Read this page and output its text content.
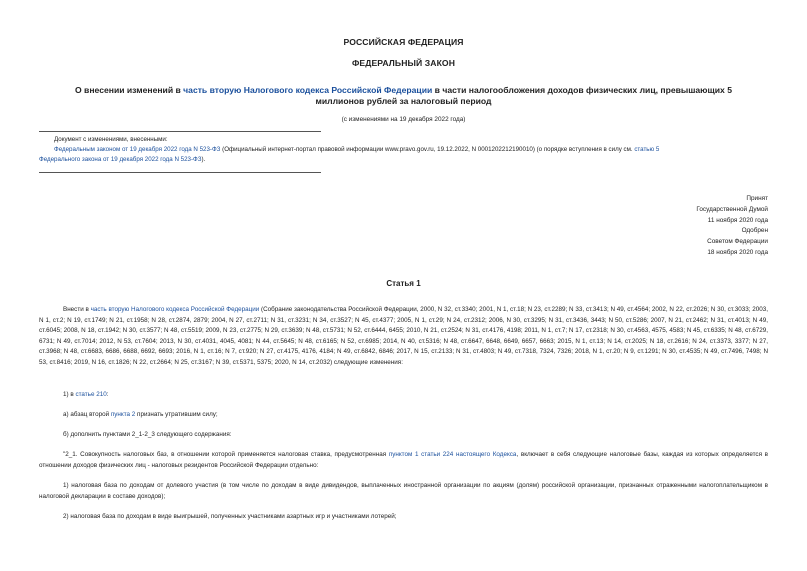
РОССИЙСКАЯ ФЕДЕРАЦИЯ
ФЕДЕРАЛЬНЫЙ ЗАКОН
О внесении изменений в часть вторую Налогового кодекса Российской Федерации в части налогообложения доходов физических лиц, превышающих 5
миллионов рублей за налоговый период
(с изменениями на 19 декабря 2022 года)
Документ с изменениями, внесенными:
Федеральным законом от 19 декабря 2022 года N 523-ФЗ (Официальный интернет-портал правовой информации www.pravo.gov.ru, 19.12.2022, N 0001202212190010) (о порядке вступления в силу см. статью 5
Федерального закона от 19 декабря 2022 года N 523-ФЗ).
Принят
Государственной Думой
11 ноября 2020 года
Одобрен
Советом Федерации
18 ноября 2020 года
Статья 1
Внести в часть вторую Налогового кодекса Российской Федерации (Собрание законодательства Российской Федерации, 2000, N 32, ст.3340; 2001, N 1, ст.18; N 23, ст.2289; N 33, ст.3413; N 49, ст.4564; 2002, N 22, ст.2026; N 30, ст.3033; 2003, N 1, ст.2; N 19, ст.1749; N 21, ст.1958; N 28, ст.2874, 2879; 2004, N 27, ст.2711; N 31, ст.3231; N 34, ст.3527; N 45, ст.4377; 2005, N 1, ст.29; N 24, ст.2312; 2006, N 30, ст.3295; N 31, ст.3436, 3443; N 50, ст.5286; 2007, N 21, ст.2462; N 31, ст.4013; N 49, ст.6045; 2008, N 18, ст.1942; N 30, ст.3577; N 48, ст.5519; 2009, N 23, ст.2775; N 29, ст.3639; N 48, ст.5731; N 52, ст.6444, 6455; 2010, N 21, ст.2524; N 31, ст.4176, 4198; 2011, N 1, ст.7; N 17, ст.2318; N 30, ст.4563, 4575, 4583; N 45, ст.6335; N 48, ст.6729, 6731; N 49, ст.7014; 2012, N 53, ст.7604; 2013, N 30, ст.4031, 4045, 4081; N 44, ст.5645; N 48, ст.6165; N 52, ст.6985; 2014, N 40, ст.5316; N 48, ст.6647, 6648, 6649, 6657, 6663; 2015, N 1, ст.13; N 14, ст.2025; N 18, ст.2616; N 24, ст.3373, 3377; N 27, ст.3968; N 48, ст.6683, 6686, 6688, 6692, 6693; 2016, N 1, ст.16; N 7, ст.920; N 27, ст.4175, 4176, 4184; N 49, ст.6842, 6846; 2017, N 15, ст.2133; N 31, ст.4803; N 49, ст.7318, 7324, 7326; 2018, N 1, ст.20; N 9, ст.1291; N 30, ст.4535; N 49, ст.7496, 7498; N 53, ст.8416; 2019, N 16, ст.1826; N 22, ст.2664; N 25, ст.3167; N 39, ст.5371, 5375; 2020, N 14, ст.2032) следующие изменения:
1) в статье 210:
а) абзац второй пункта 2 признать утратившим силу;
б) дополнить пунктами 2_1-2_3 следующего содержания:
"2_1. Совокупность налоговых баз, в отношении которой применяется налоговая ставка, предусмотренная пунктом 1 статьи 224 настоящего Кодекса, включает в себя следующие налоговые базы, каждая из которых определяется в отношении доходов физических лиц - налоговых резидентов Российской Федерации отдельно:
1) налоговая база по доходам от долевого участия (в том числе по доходам в виде дивидендов, выплаченных иностранной организации по акциям (долям) российской организации, признанных отраженными налогоплательщиком в налоговой декларации в составе доходов);
2) налоговая база по доходам в виде выигрышей, полученных участниками азартных игр и участниками лотерей;
